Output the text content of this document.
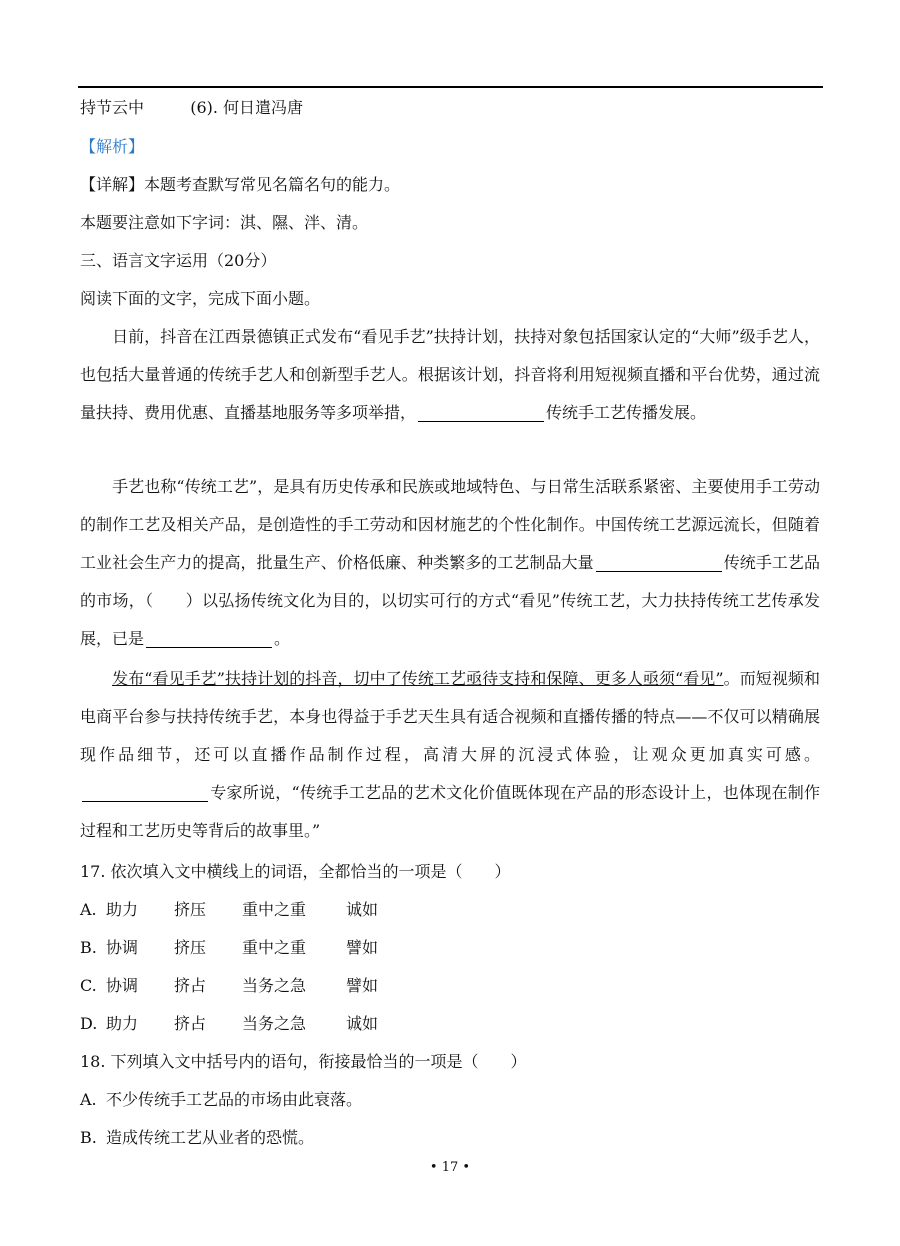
持节云中	(6). 何日遣冯唐
【解析】
【详解】本题考查默写常见名篇名句的能力。
本题要注意如下字词：淇、隰、泮、清。
三、语言文字运用（20分）
阅读下面的文字，完成下面小题。
日前，抖音在江西景德镇正式发布“看见手艺”扶持计划，扶持对象包括国家认定的“大师”级手艺人，也包括大量普通的传统手艺人和创新型手艺人。根据该计划，抖音将利用短视频直播和平台优势，通过流量扶持、费用优惠、直播基地服务等多项举措，	传统手工艺传播发展。
手艺也称“传统工艺”，是具有历史传承和民族或地域特色、与日常生活联系紧密、主要使用手工劳动的制作工艺及相关产品，是创造性的手工劳动和因材施艺的个性化制作。中国传统工艺源远流长，但随着工业社会生产力的提高，批量生产、价格低廉、种类繁多的工艺制品大量	传统手工艺品的市场，（　　）以弘扬传统文化为目的，以切实可行的方式“看见”传统工艺，大力扶持传统工艺传承发展，已是	。
发布“看见手艺”扶持计划的抖音，切中了传统工艺亟待支持和保障、更多人亟须“看见”。而短视频和电商平台参与扶持传统手艺，本身也得益于手艺天生具有适合视频和直播传播的特点——不仅可以精确展现作品细节，还可以直播作品制作过程，高清大屏的沉浸式体验，让观众更加真实可感。专家所说，“传统手工艺品的艺术文化价值既体现在产品的形态设计上，也体现在制作过程和工艺历史等背后的故事里。”
17. 依次填入文中横线上的词语，全都恰当的一项是（　　）
A. 助力 挤压 重中之重 诚如
B. 协调 挤压 重中之重 譬如
C. 协调 挤占 当务之急 譬如
D. 助力 挤占 当务之急 诚如
18. 下列填入文中括号内的语句，衔接最恰当的一项是（　　）
A. 不少传统手工艺品的市场由此衰落。
B. 造成传统工艺从业者的恐慌。
• 17 •
